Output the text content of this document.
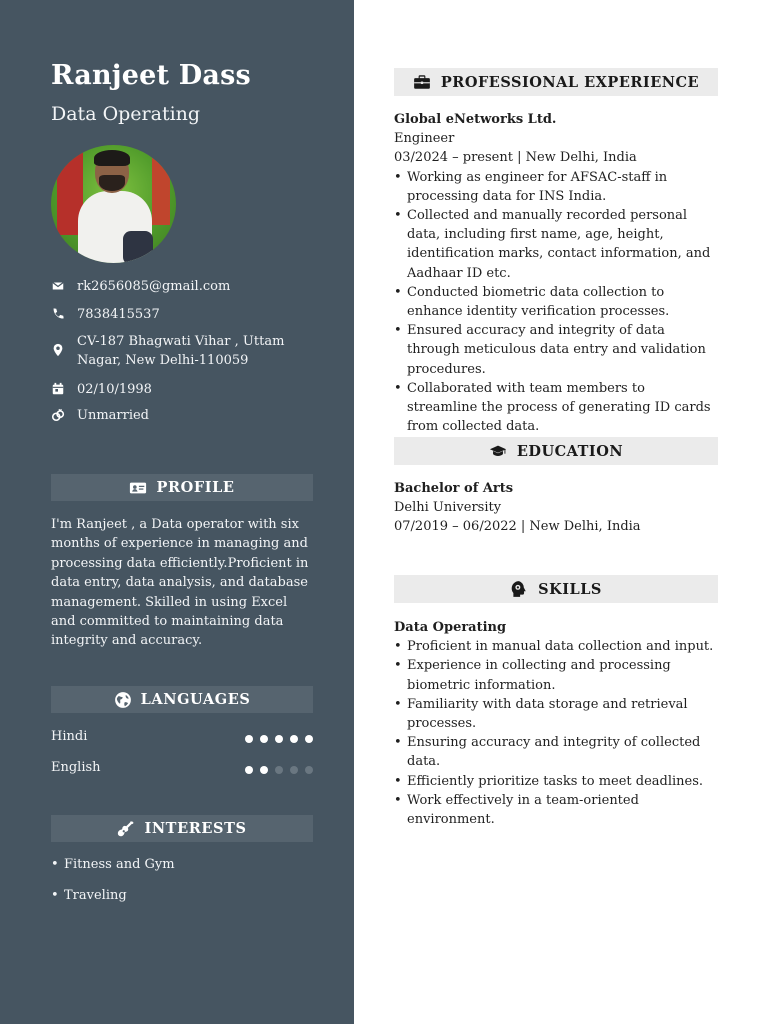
Ranjeet Dass
Data Operating
rk2656085@gmail.com
7838415537
CV-187 Bhagwati Vihar , Uttam Nagar, New Delhi-110059
02/10/1998
Unmarried
PROFILE
I'm Ranjeet , a Data operator with six months of experience in managing and processing data efficiently.Proficient in data entry, data analysis, and database management. Skilled in using Excel and committed to maintaining data integrity and accuracy.
LANGUAGES
Hindi
English
INTERESTS
• Fitness and Gym
• Traveling
PROFESSIONAL EXPERIENCE
Global eNetworks Ltd.
Engineer
03/2024 – present | New Delhi, India
• Working as engineer for AFSAC-staff in processing data for INS India.
• Collected and manually recorded personal data, including first name, age, height, identification marks, contact information, and Aadhaar ID etc.
• Conducted biometric data collection to enhance identity verification processes.
• Ensured accuracy and integrity of data through meticulous data entry and validation procedures.
• Collaborated with team members to streamline the process of generating ID cards from collected data.
EDUCATION
Bachelor of Arts
Delhi University
07/2019 – 06/2022 | New Delhi, India
SKILLS
Data Operating
• Proficient in manual data collection and input.
• Experience in collecting and processing biometric information.
• Familiarity with data storage and retrieval processes.
• Ensuring accuracy and integrity of collected data.
• Efficiently prioritize tasks to meet deadlines.
• Work effectively in a team-oriented environment.
